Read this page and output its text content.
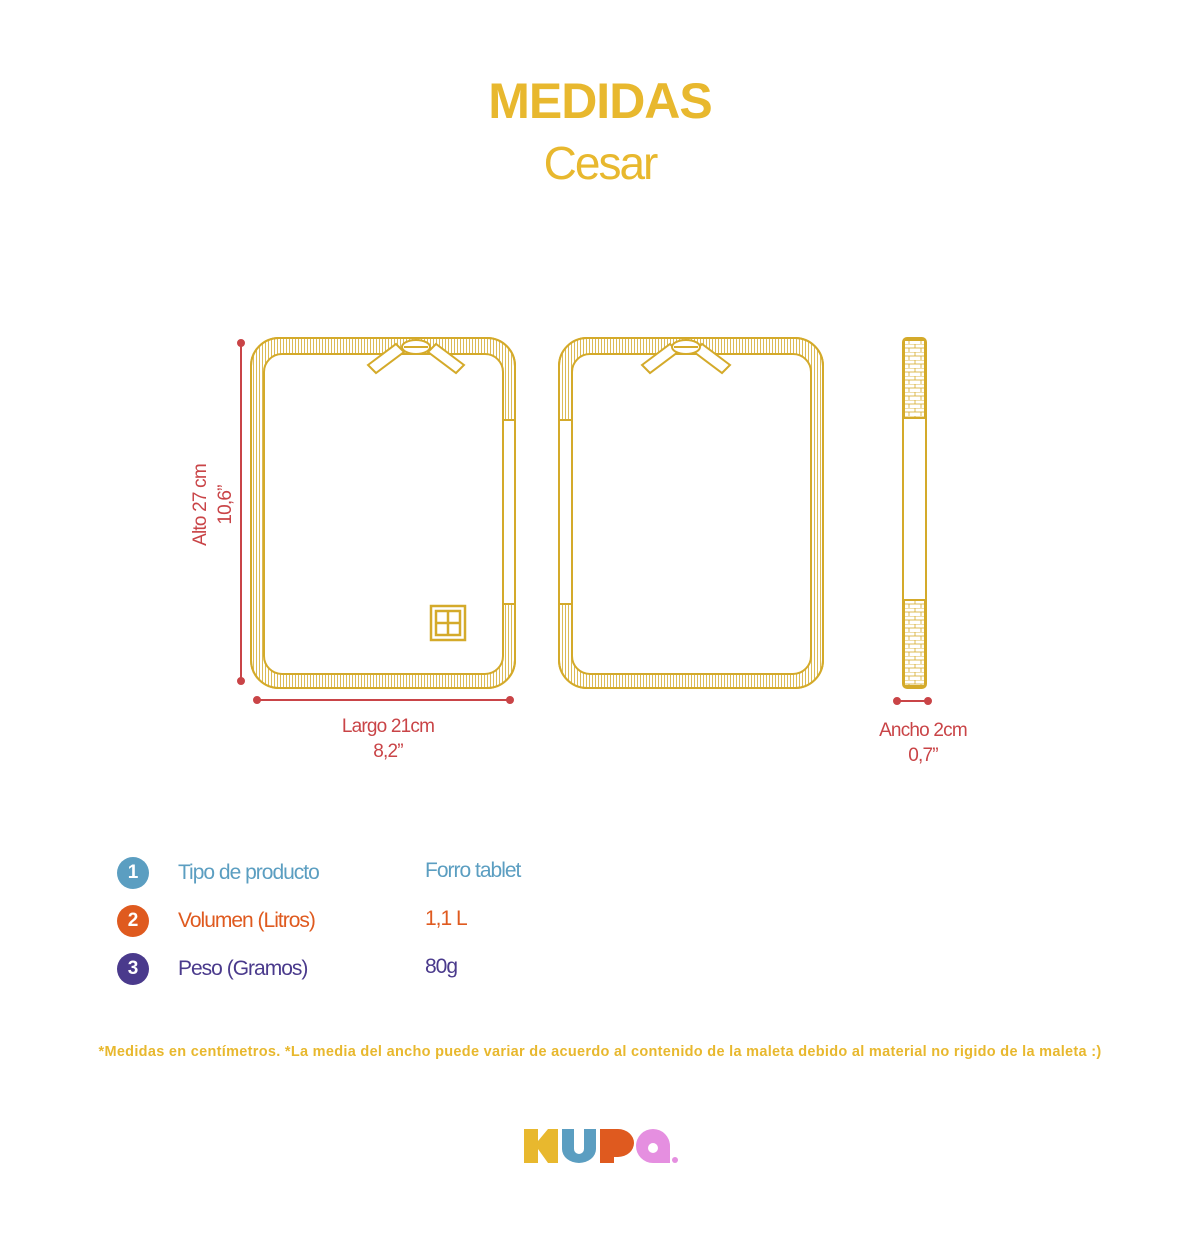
MEDIDAS
Cesar
Alto 27 cm 10,6”
Largo 21cm
8,2”
Ancho 2cm
0,7”
1	Tipo de producto	Forro tablet
2	Volumen (Litros)	1,1 L
3	Peso (Gramos)	80g
*Medidas en centímetros. *La media del ancho puede variar de acuerdo al contenido de la maleta debido al material no rigido de la maleta :)
